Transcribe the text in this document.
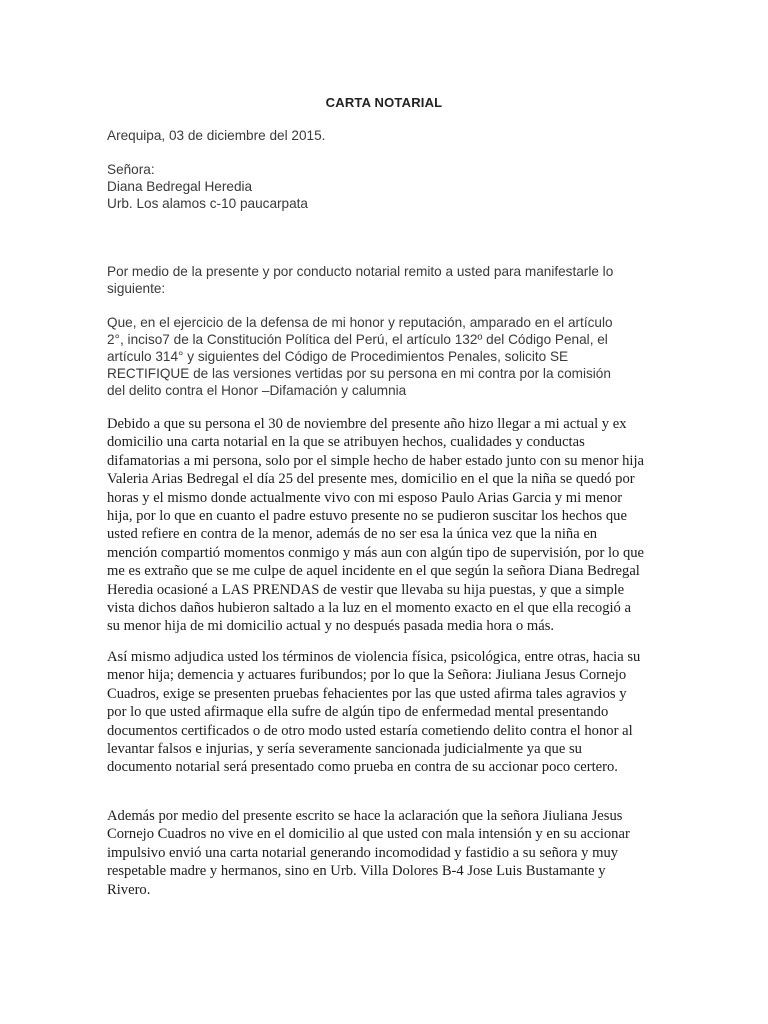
CARTA NOTARIAL
Arequipa, 03 de diciembre del 2015.
Señora:
Diana Bedregal Heredia
Urb. Los alamos c-10 paucarpata
Por medio de la presente y por conducto notarial remito a usted para manifestarle lo
siguiente:
Que, en el ejercicio de la defensa de mi honor y reputación, amparado en el artículo
2°, inciso7 de la Constitución Política del Perú, el artículo 132º del Código Penal, el
artículo 314° y siguientes del Código de Procedimientos Penales, solicito SE
RECTIFIQUE de las versiones vertidas por su persona en mi contra por la comisión
del delito contra el Honor –Difamación y calumnia
Debido a que su persona el 30 de noviembre del presente año hizo llegar a mi actual y ex
domicilio una carta notarial en la que se atribuyen hechos, cualidades y conductas
difamatorias a mi persona, solo por el simple hecho de haber estado junto con su menor hija
Valeria Arias Bedregal el día 25 del presente mes, domicilio en el que la niña se quedó por
horas y el mismo donde actualmente vivo con mi esposo Paulo Arias Garcia y mi menor
hija, por lo que en cuanto el padre estuvo presente no se pudieron suscitar los hechos que
usted refiere en contra de la menor, además de no ser esa la única vez que la niña en
mención compartió momentos conmigo y más aun con algún tipo de supervisión, por lo que
me es extraño que se me culpe de aquel incidente en el que según la señora Diana Bedregal
Heredia ocasioné a LAS PRENDAS de vestir que llevaba su hija puestas, y que a simple
vista dichos daños hubieron saltado a la luz en el momento exacto en el que ella recogió a
su menor hija de mi domicilio actual y no después pasada media hora o más.
Así mismo adjudica usted los términos de violencia física, psicológica, entre otras, hacia su
menor hija; demencia y actuares furibundos; por lo que la Señora: Jiuliana Jesus Cornejo
Cuadros, exige se presenten pruebas fehacientes por las que usted afirma tales agravios y
por lo que usted afirmaque ella sufre de algún tipo de enfermedad mental presentando
documentos certificados o de otro modo usted estaría cometiendo delito contra el honor al
levantar falsos e injurias, y sería severamente sancionada judicialmente ya que su
documento notarial será presentado como prueba en contra de su accionar poco certero.
Además por medio del presente escrito se hace la aclaración que la señora Jiuliana Jesus
Cornejo Cuadros no vive en el domicilio al que usted con mala intensión y en su accionar
impulsivo envió una carta notarial generando incomodidad y fastidio a su señora y muy
respetable madre y hermanos, sino en Urb. Villa Dolores B-4 Jose Luis Bustamante y
Rivero.
